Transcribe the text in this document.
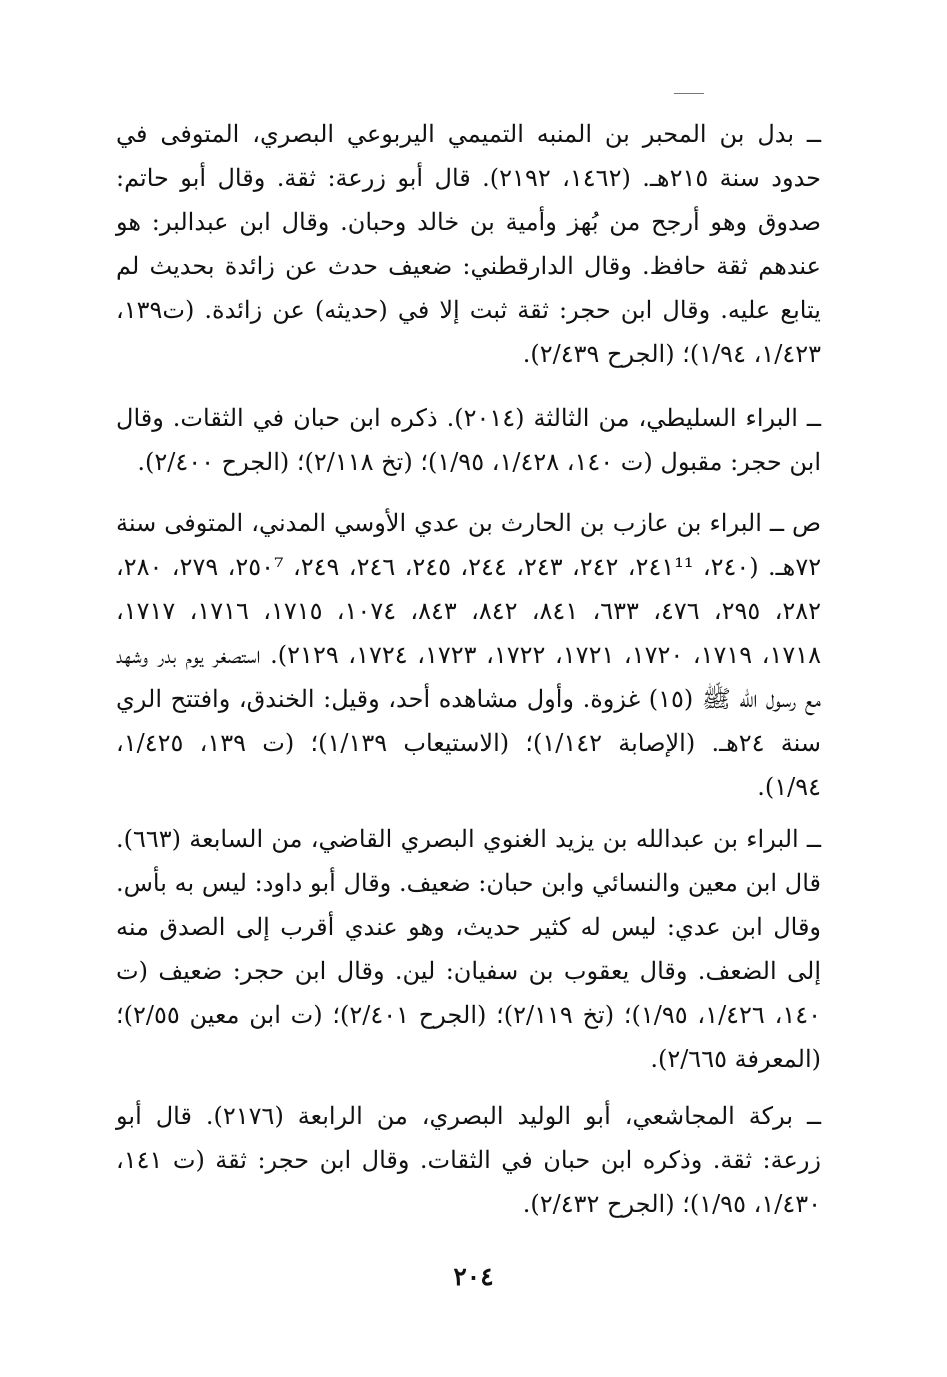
ــ بدل بن المحبر بن المنبه التميمي اليربوعي البصري، المتوفى في حدود سنة ٢١٥هـ. (١٤٦٢، ٢١٩٢). قال أبو زرعة: ثقة. وقال أبو حاتم: صدوق وهو أرجح من بُهز وأمية بن خالد وحبان. وقال ابن عبدالبر: هو عندهم ثقة حافظ. وقال الدارقطني: ضعيف حدث عن زائدة بحديث لم يتابع عليه. وقال ابن حجر: ثقة ثبت إلا في (حديثه) عن زائدة. (ت١٣٩، ١/٤٢٣، ١/٩٤)؛ (الجرح ٢/٤٣٩).

ــ البراء السليطي، من الثالثة (٢٠١٤). ذكره ابن حبان في الثقات. وقال ابن حجر: مقبول (ت ١٤٠، ١/٤٢٨، ١/٩٥)؛ (تخ ٢/١١٨)؛ (الجرح ٢/٤٠٠).

ص ــ البراء بن عازب بن الحارث بن عدي الأوسي المدني، المتوفى سنة ٧٢هـ. (٢٤٠، ٢٤١¹¹، ٢٤٢، ٢٤٣، ٢٤٤، ٢٤٥، ٢٤٦، ٢٤٩، ٢٥٠⁷، ٢٧٩، ٢٨٠، ٢٨٢، ٢٩٥، ٤٧٦، ٦٣٣، ٨٤١، ٨٤٢، ٨٤٣، ١٠٧٤، ١٧١٥، ١٧١٦، ١٧١٧، ١٧١٨، ١٧١٩، ١٧٢٠، ١٧٢١، ١٧٢٢، ١٧٢٣، ١٧٢٤، ٢١٢٩). استصغر يوم بدر وشهد مع رسول الله ﷺ (١٥) غزوة. وأول مشاهده أحد، وقيل: الخندق، وافتتح الري سنة ٢٤هـ. (الإصابة ١/١٤٢)؛ (الاستيعاب ١/١٣٩)؛ (ت ١٣٩، ١/٤٢٥، ١/٩٤).

ــ البراء بن عبدالله بن يزيد الغنوي البصري القاضي، من السابعة (٦٦٣). قال ابن معين والنسائي وابن حبان: ضعيف. وقال أبو داود: ليس به بأس. وقال ابن عدي: ليس له كثير حديث، وهو عندي أقرب إلى الصدق منه إلى الضعف. وقال يعقوب بن سفيان: لين. وقال ابن حجر: ضعيف (ت ١٤٠، ١/٤٢٦، ١/٩٥)؛ (تخ ٢/١١٩)؛ (الجرح ٢/٤٠١)؛ (ت ابن معين ٢/٥٥)؛ (المعرفة ٢/٦٦٥).

ــ بركة المجاشعي، أبو الوليد البصري، من الرابعة (٢١٧٦). قال أبو زرعة: ثقة. وذكره ابن حبان في الثقات. وقال ابن حجر: ثقة (ت ١٤١، ١/٤٣٠، ١/٩٥)؛ (الجرح ٢/٤٣٢).

٢٠٤
